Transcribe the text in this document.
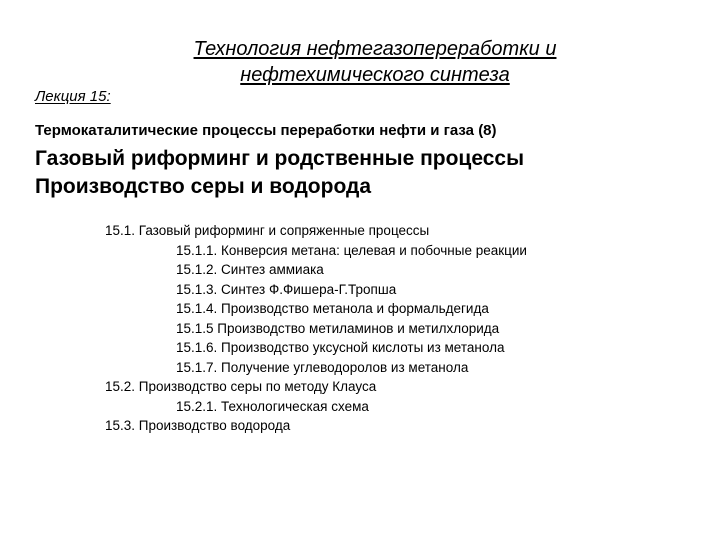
Технология нефтегазопереработки и
нефтехимического синтеза
Лекция 15:
Термокаталитические процессы переработки нефти и газа (8)
Газовый риформинг и родственные процессы
Производство серы и водорода
15.1. Газовый риформинг и сопряженные процессы
15.1.1. Конверсия метана: целевая и побочные реакции
15.1.2. Синтез аммиака
15.1.3. Синтез Ф.Фишера-Г.Тропша
15.1.4. Производство метанола и формальдегида
15.1.5 Производство метиламинов и метилхлорида
15.1.6. Производство уксусной кислоты из метанола
15.1.7. Получение углеводоролов из метанола
15.2. Производство серы по методу Клауса
15.2.1. Технологическая схема
15.3. Производство водорода
